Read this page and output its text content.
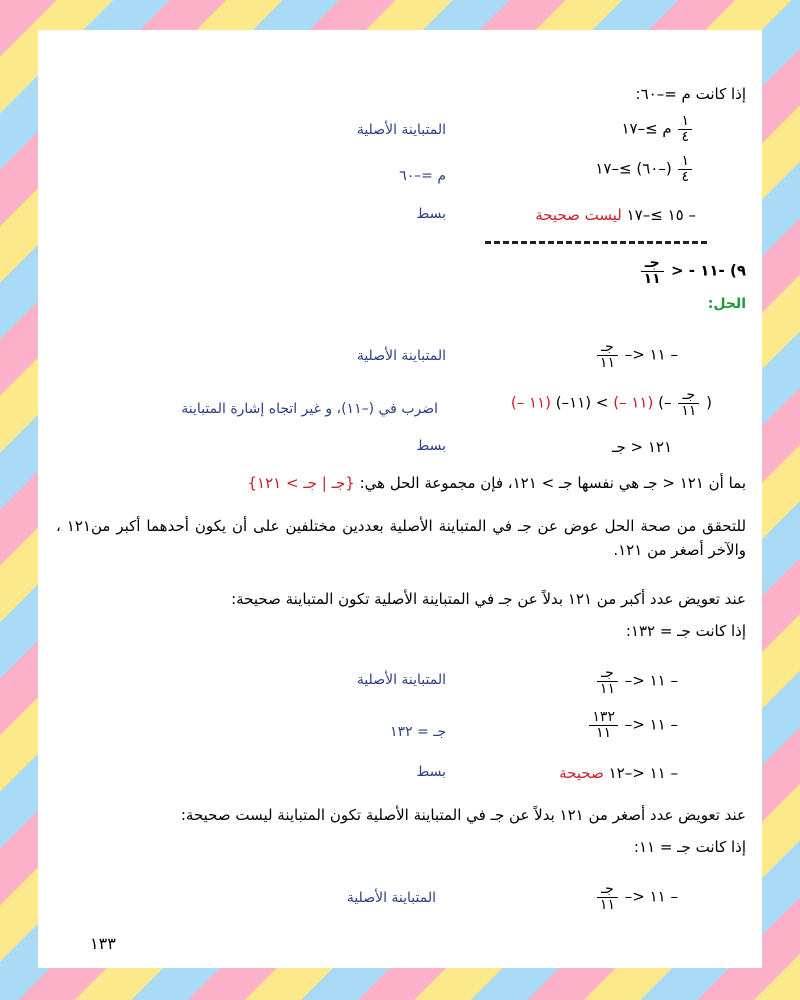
إذا كانت م =–٦٠:
$\frac{١}{٤}$
م ≥–١٧
المتباينة الأصلية
$\frac{١}{٤}$
(–٦٠) ≥–١٧
م =–٦٠
– ١٥ ≥–١٧ ليست صحيحة
بسط
٩) -١١ - <
$\frac{\text{جـ}}{١١}$
الحل:
– ١١ <–
$\frac{\text{جـ}}{١١}$
المتباينة الأصلية
(– ١١) (–١١) < (– ١١) (– $\frac{\text{جـ}}{١١}$ )
اضرب في (–١١)، و غير اتجاه إشارة المتباينة
١٢١ < جـ
بسط
بما أن ١٢١ < جـ هي نفسها جـ > ١٢١، فإن مجموعة الحل هي: {جـ | جـ > ١٢١}
للتحقق من صحة الحل عوض عن جـ في المتباينة الأصلية بعددين مختلفين على أن يكون أحدهما أكبر من١٢١ ، والآخر أصغر من ١٢١.
عند تعويض عدد أكبر من ١٢١ بدلاً عن جـ في المتباينة الأصلية تكون المتباينة صحيحة:
إذا كانت جـ = ١٣٢:
– ١١ <–
$\frac{\text{جـ}}{١١}$
المتباينة الأصلية
– ١١ <–
$\frac{١٣٢}{١١}$
جـ = ١٣٢
– ١١ <–١٢ صحيحة
بسط
عند تعويض عدد أصغر من ١٢١ بدلاً عن جـ في المتباينة الأصلية تكون المتباينة ليست صحيحة:
إذا كانت جـ = ١١:
– ١١ <–
$\frac{\text{جـ}}{١١}$
المتباينة الأصلية
١٣٣
